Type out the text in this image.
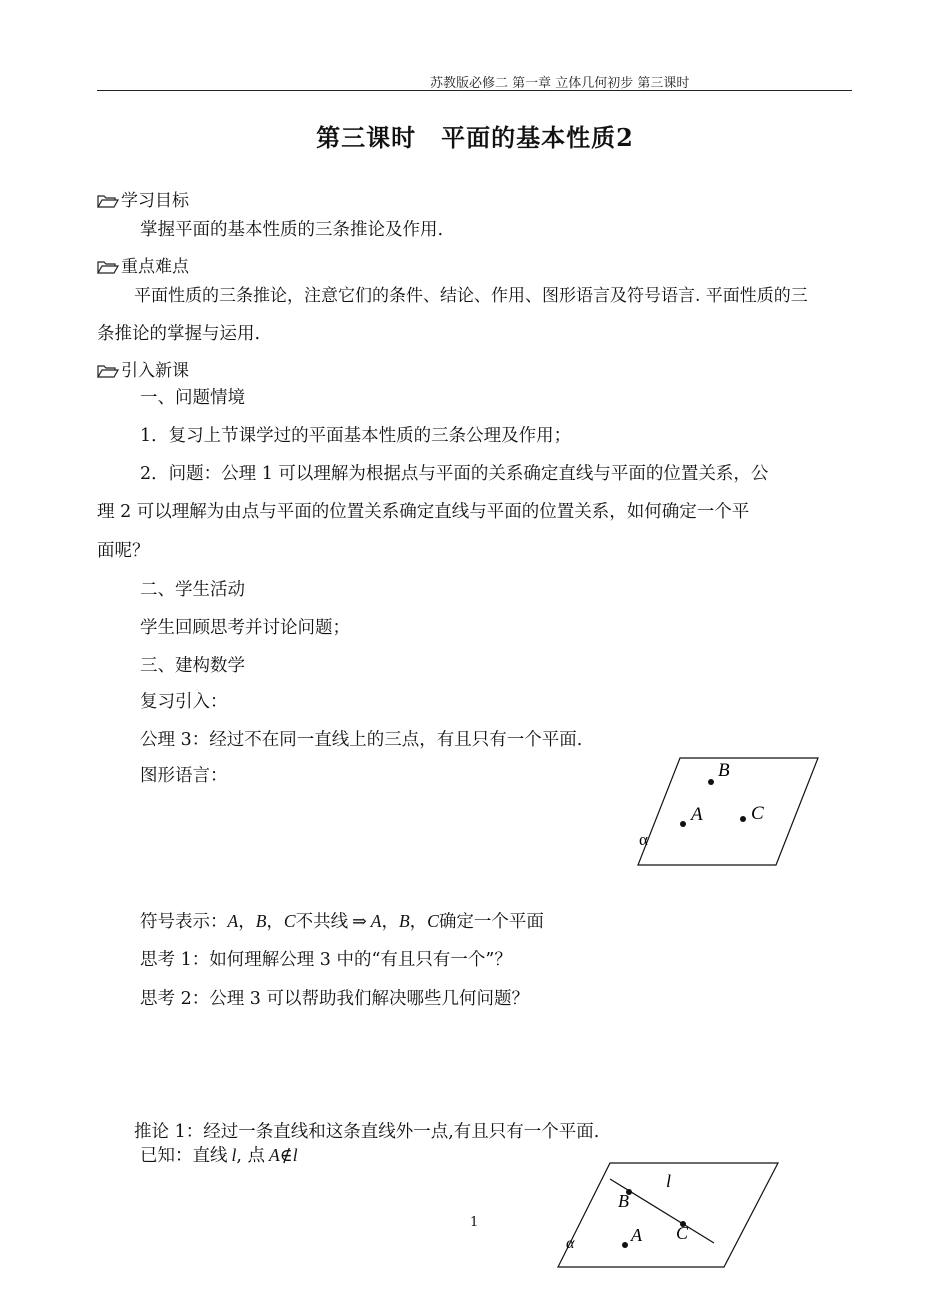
苏教版必修二 第一章 立体几何初步 第三课时
第三课时　平面的基本性质2
学习目标
掌握平面的基本性质的三条推论及作用.
重点难点
平面性质的三条推论，注意它们的条件、结论、作用、图形语言及符号语言. 平面性质的三
条推论的掌握与运用.
引入新课
一、问题情境
1．复习上节课学过的平面基本性质的三条公理及作用；
2．问题：公理 1 可以理解为根据点与平面的关系确定直线与平面的位置关系，公
理 2 可以理解为由点与平面的位置关系确定直线与平面的位置关系，如何确定一个平
面呢？
二、学生活动
学生回顾思考并讨论问题；
三、建构数学
复习引入：
公理 3：经过不在同一直线上的三点，有且只有一个平面.
图形语言：	B
A	C
α
符号表示：A，B，C不共线 ⇒ A，B，C确定一个平面
思考 1：如何理解公理 3 中的“有且只有一个”？
思考 2：公理 3 可以帮助我们解决哪些几何问题？
推论 1：经过一条直线和这条直线外一点,有且只有一个平面.
已知：直线 l, 点 A∉l
l
B
C
A
α
1
